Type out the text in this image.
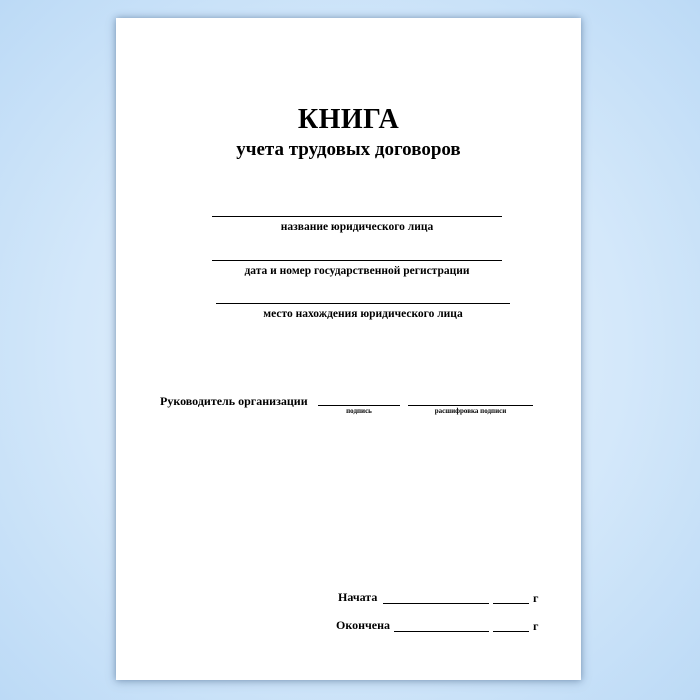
КНИГА
учета трудовых договоров
название юридического лица
дата и номер государственной регистрации
место нахождения юридического лица
Руководитель организации
подпись	расшифровка подписи
Начата	г
Окончена	г
